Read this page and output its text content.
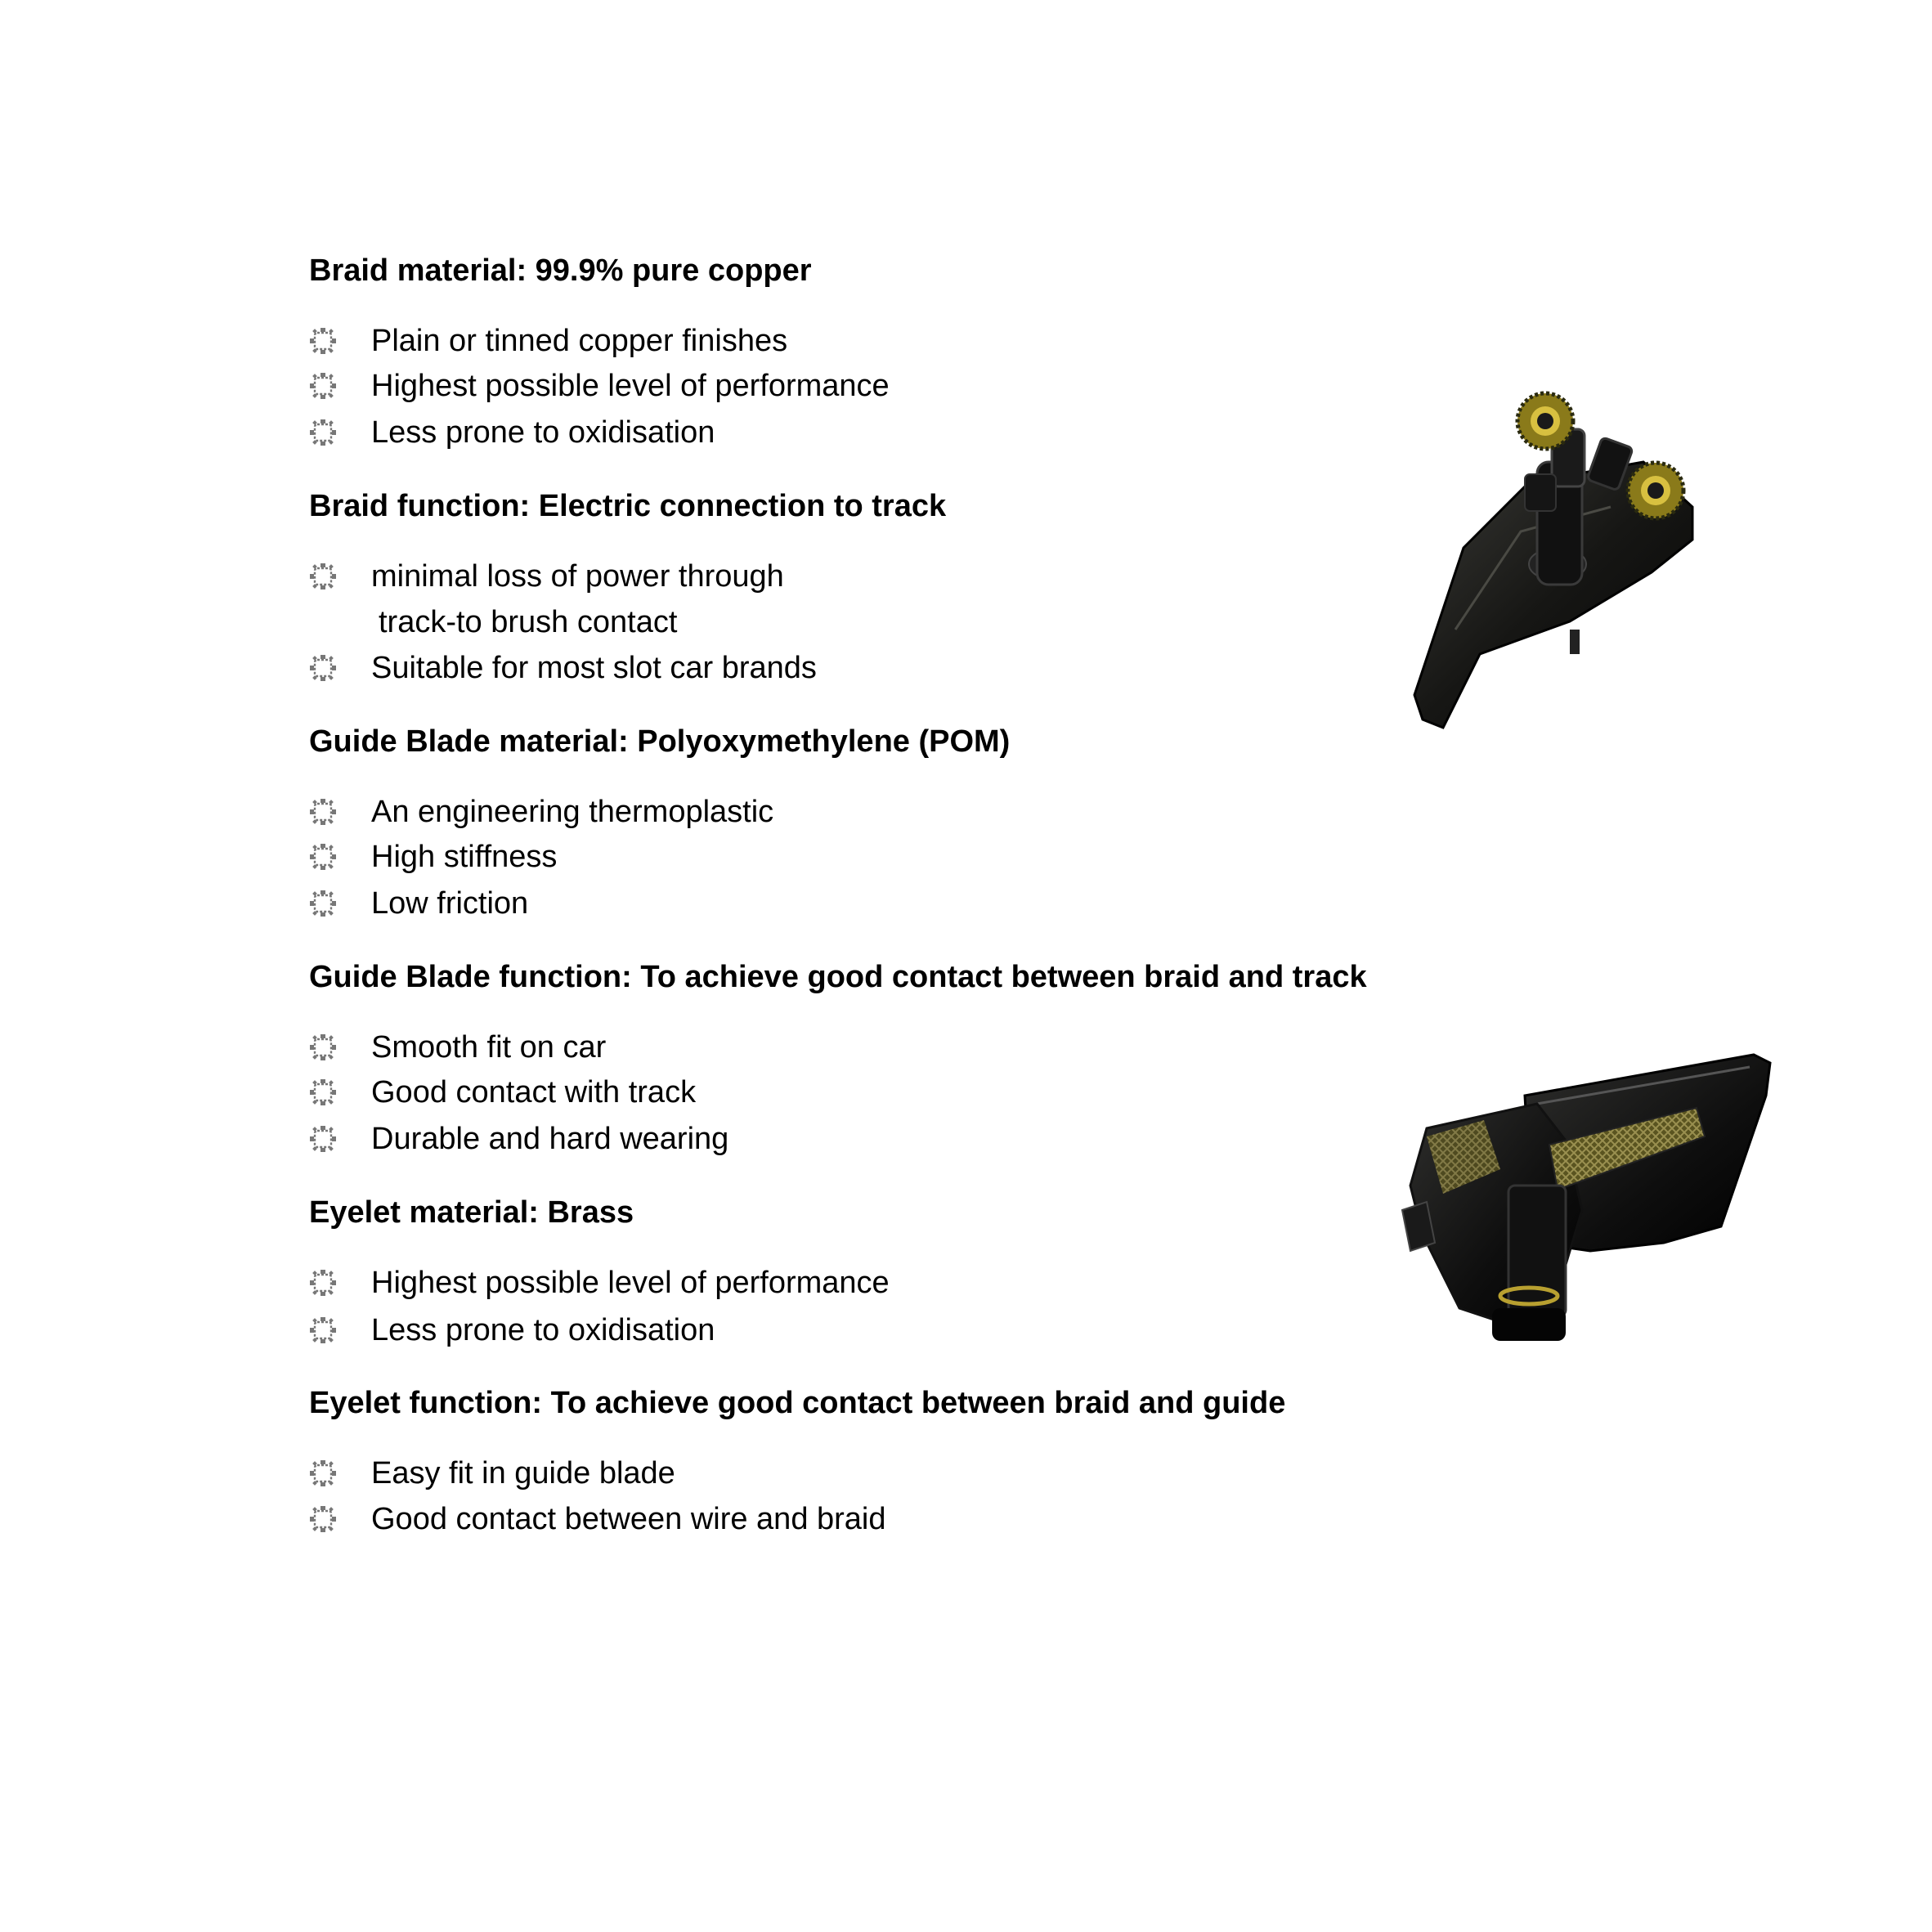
Braid material: 99.9% pure copper
Plain or tinned copper finishes
Highest possible level of performance
Less prone to oxidisation
Braid function: Electric connection to track
minimal loss of power through
track-to brush contact
Suitable for most slot car brands
Guide Blade material: Polyoxymethylene (POM)
An engineering thermoplastic
High stiffness
Low friction
Guide Blade function: To achieve good contact between braid and track
Smooth fit on car
Good contact with track
Durable and hard wearing
Eyelet material: Brass
Highest possible level of performance
Less prone to oxidisation
Eyelet function: To achieve good contact between braid and guide
Easy fit in guide blade
Good contact between wire and braid
